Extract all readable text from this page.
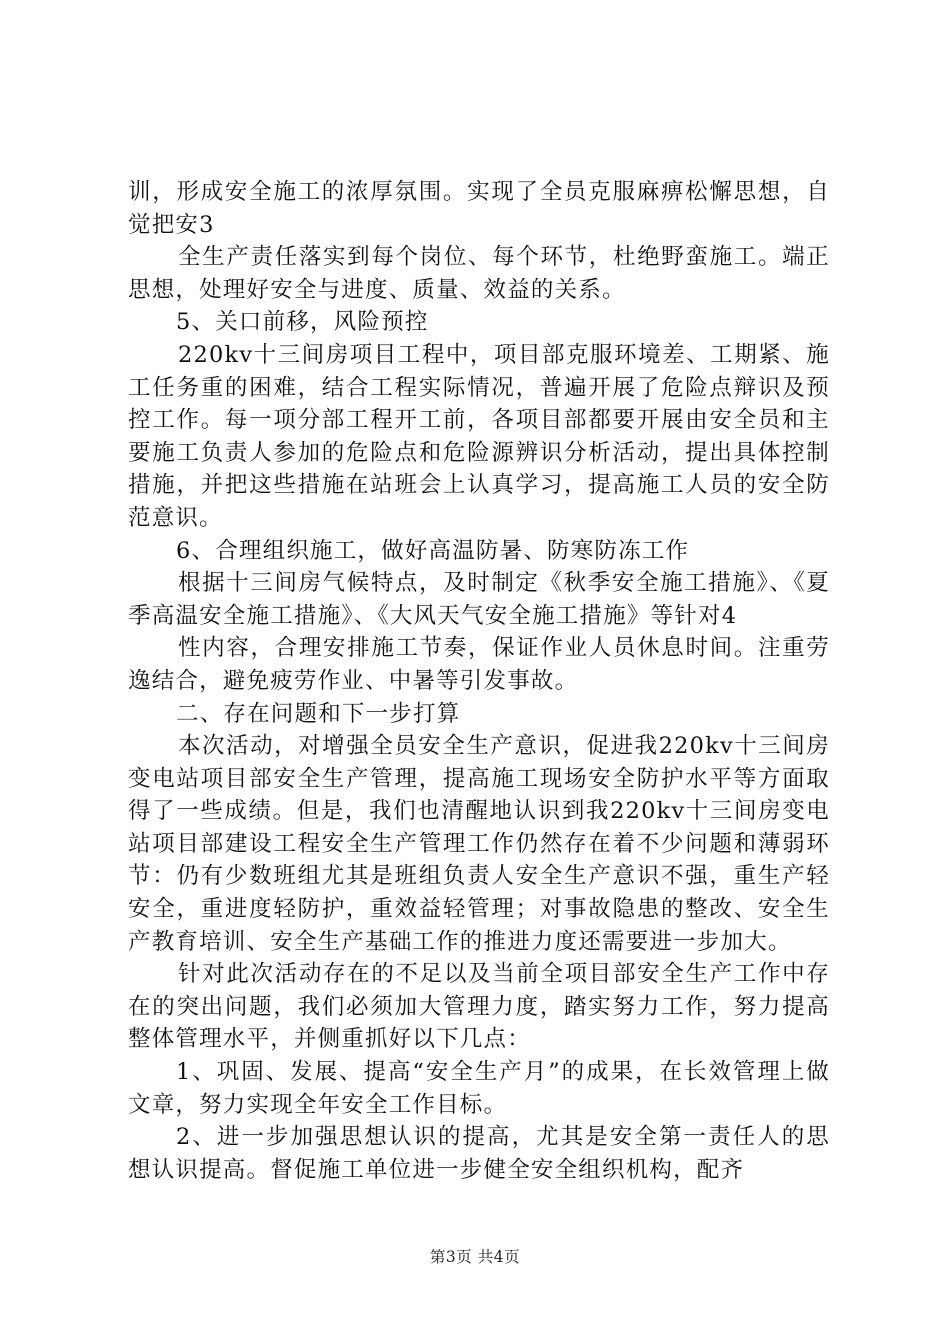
训，形成安全施工的浓厚氛围。实现了全员克服麻痹松懈思想，自觉把安3

全生产责任落实到每个岗位、每个环节，杜绝野蛮施工。端正思想，处理好安全与进度、质量、效益的关系。

5、关口前移，风险预控

220kv十三间房项目工程中，项目部克服环境差、工期紧、施工任务重的困难，结合工程实际情况，普遍开展了危险点辩识及预控工作。每一项分部工程开工前，各项目部都要开展由安全员和主要施工负责人参加的危险点和危险源辨识分析活动，提出具体控制措施，并把这些措施在站班会上认真学习，提高施工人员的安全防范意识。

6、合理组织施工，做好高温防暑、防寒防冻工作

根据十三间房气候特点，及时制定《秋季安全施工措施》、《夏季高温安全施工措施》、《大风天气安全施工措施》等针对4

性内容，合理安排施工节奏，保证作业人员休息时间。注重劳逸结合，避免疲劳作业、中暑等引发事故。

二、存在问题和下一步打算

本次活动，对增强全员安全生产意识，促进我220kv十三间房变电站项目部安全生产管理，提高施工现场安全防护水平等方面取得了一些成绩。但是，我们也清醒地认识到我220kv十三间房变电站项目部建设工程安全生产管理工作仍然存在着不少问题和薄弱环节：仍有少数班组尤其是班组负责人安全生产意识不强，重生产轻安全，重进度轻防护，重效益轻管理；对事故隐患的整改、安全生产教育培训、安全生产基础工作的推进力度还需要进一步加大。

针对此次活动存在的不足以及当前全项目部安全生产工作中存在的突出问题，我们必须加大管理力度，踏实努力工作，努力提高整体管理水平，并侧重抓好以下几点：

1、巩固、发展、提高“安全生产月”的成果，在长效管理上做文章，努力实现全年安全工作目标。

2、进一步加强思想认识的提高，尤其是安全第一责任人的思想认识提高。督促施工单位进一步健全安全组织机构，配齐

第3页 共4页
